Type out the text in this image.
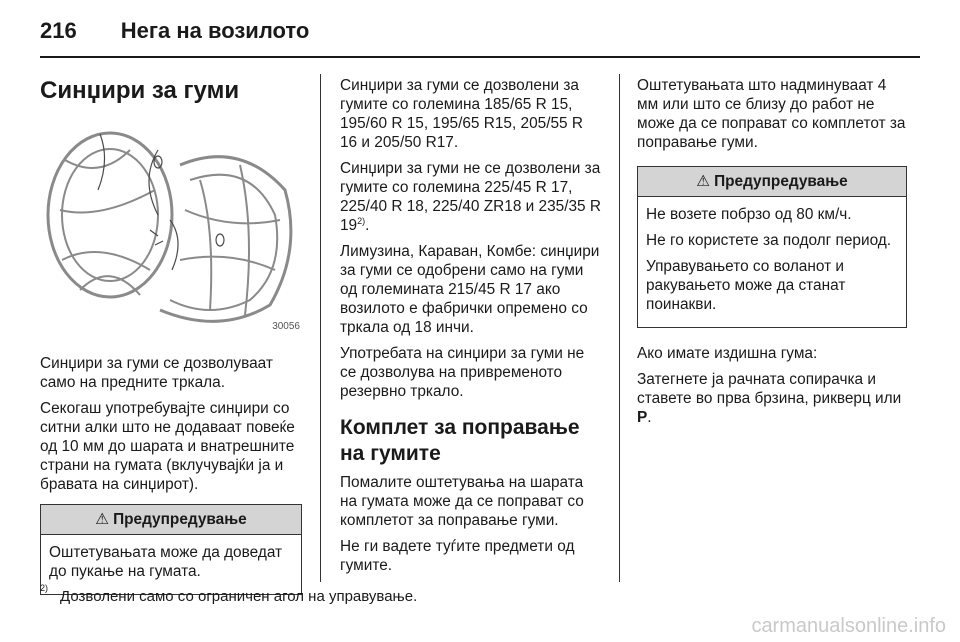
216 Нега на возилото
Синџири за гуми
30056

Синџири за гуми се дозволуваат само на предните тркала.

Секогаш употребувајте синџири со ситни алки што не додаваат повеќе од 10 мм до шарата и внатрешните страни на гумата (вклучувајќи ја и бравата на синџирот).

⚠ Предупредување

Оштетувањата може да доведат до пукање на гумата.

Синџири за гуми се дозволени за гумите со големина 185/65 R 15, 195/60 R 15, 195/65 R15, 205/55 R 16 и 205/50 R17.

Синџири за гуми не се дозволени за гумите со големина 225/45 R 17, 225/40 R 18, 225/40 ZR18 и 235/35 R 19$^{2)}$.

Лимузина, Караван, Комбе: синџири за гуми се одобрени само на гуми од големината 215/45 R 17 ако возилото е фабрички опремено со тркала од 18 инчи.

Употребата на синџири за гуми не се дозволува на привременото резервно тркало.

Комплет за поправање на гумите

Помалите оштетувања на шарата на гумата може да се поправат со комплетот за поправање гуми.

Не ги вадете туѓите предмети од гумите.

Оштетувањата што надминуваат 4 мм или што се близу до работ не може да се поправат со комплетот за поправање гуми.

⚠ Предупредување

Не возете побрзо од 80 км/ч.

Не го користете за подолг период.

Управувањето со воланот и ракувањето може да станат поинакви.

Ако имате издишна гума:

Затегнете ја рачната сопирачка и ставете во прва брзина, рикверц или P.

2) Дозволени само со ограничен агол на управување.
carmanualsonline.info
